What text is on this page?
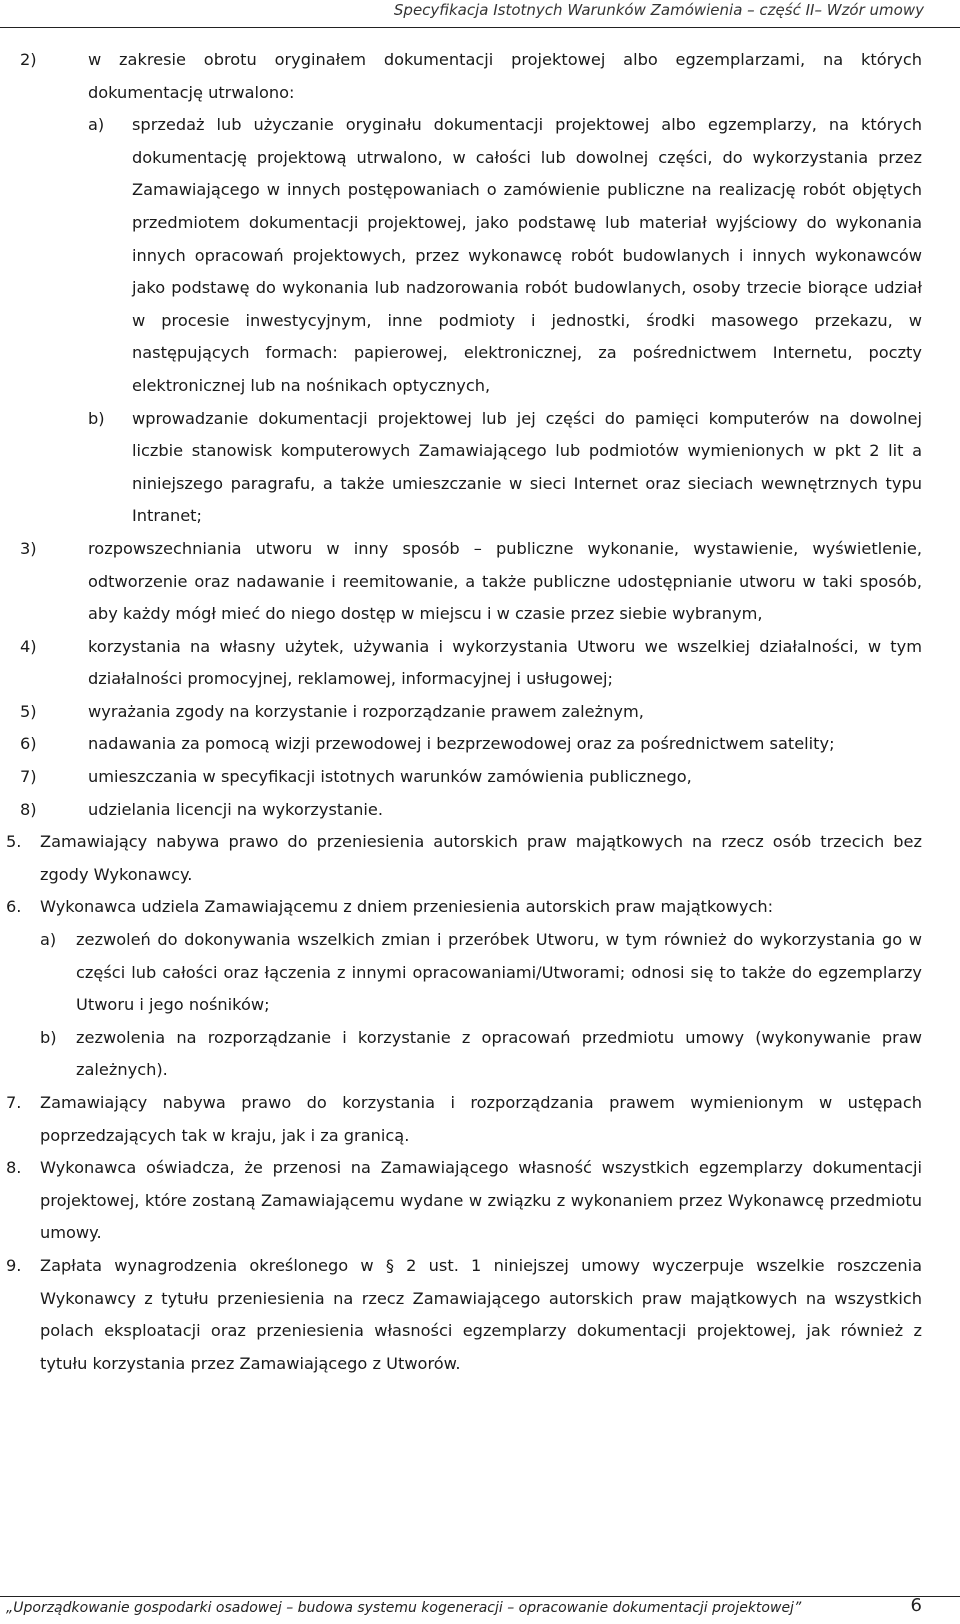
Specyfikacja Istotnych Warunków Zamówienia – część II– Wzór umowy
2)	w zakresie obrotu oryginałem dokumentacji projektowej albo egzemplarzami, na których dokumentację utrwalono:
a) sprzedaż lub użyczanie oryginału dokumentacji projektowej albo egzemplarzy, na których dokumentację projektową utrwalono, w całości lub dowolnej części, do wykorzystania przez Zamawiającego w innych postępowaniach o zamówienie publiczne na realizację robót objętych przedmiotem dokumentacji projektowej, jako podstawę lub materiał wyjściowy do wykonania innych opracowań projektowych, przez wykonawcę robót budowlanych i innych wykonawców jako podstawę do wykonania lub nadzorowania robót budowlanych, osoby trzecie biorące udział w procesie inwestycyjnym, inne podmioty i jednostki, środki masowego przekazu, w następujących formach: papierowej, elektronicznej, za pośrednictwem Internetu, poczty elektronicznej lub na nośnikach optycznych,
b) wprowadzanie dokumentacji projektowej lub jej części do pamięci komputerów na dowolnej liczbie stanowisk komputerowych Zamawiającego lub podmiotów wymienionych w pkt 2 lit a niniejszego paragrafu, a także umieszczanie w sieci Internet oraz sieciach wewnętrznych typu Intranet;
3)	rozpowszechniania utworu w inny sposób – publiczne wykonanie, wystawienie, wyświetlenie, odtworzenie oraz nadawanie i reemitowanie, a także publiczne udostępnianie utworu w taki sposób, aby każdy mógł mieć do niego dostęp w miejscu i w czasie przez siebie wybranym,
4)	korzystania na własny użytek, używania i wykorzystania Utworu we wszelkiej działalności, w tym działalności promocyjnej, reklamowej, informacyjnej i usługowej;
5)	wyrażania zgody na korzystanie i rozporządzanie prawem zależnym,
6)	nadawania za pomocą wizji przewodowej i bezprzewodowej oraz za pośrednictwem satelity;
7)	umieszczania w specyfikacji istotnych warunków zamówienia publicznego,
8)	udzielania licencji na wykorzystanie.
5. Zamawiający nabywa prawo do przeniesienia autorskich praw majątkowych na rzecz osób trzecich bez zgody Wykonawcy.
6. Wykonawca udziela Zamawiającemu z dniem przeniesienia autorskich praw majątkowych:
a) zezwoleń do dokonywania wszelkich zmian i przeróbek Utworu, w tym również do wykorzystania go w części lub całości oraz łączenia z innymi opracowaniami/Utworami; odnosi się to także do egzemplarzy Utworu i jego nośników;
b) zezwolenia na rozporządzanie i korzystanie z opracowań przedmiotu umowy (wykonywanie praw zależnych).
7. Zamawiający nabywa prawo do korzystania i rozporządzania prawem wymienionym w ustępach poprzedzających tak w kraju, jak i za granicą.
8. Wykonawca oświadcza, że przenosi na Zamawiającego własność wszystkich egzemplarzy dokumentacji projektowej, które zostaną Zamawiającemu wydane w związku z wykonaniem przez Wykonawcę przedmiotu umowy.
9. Zapłata wynagrodzenia określonego w § 2 ust. 1 niniejszej umowy wyczerpuje wszelkie roszczenia Wykonawcy z tytułu przeniesienia na rzecz Zamawiającego autorskich praw majątkowych na wszystkich polach eksploatacji oraz przeniesienia własności egzemplarzy dokumentacji projektowej, jak również z tytułu korzystania przez Zamawiającego z Utworów.
„Uporządkowanie gospodarki osadowej – budowa systemu kogeneracji – opracowanie dokumentacji projektowej”	6
